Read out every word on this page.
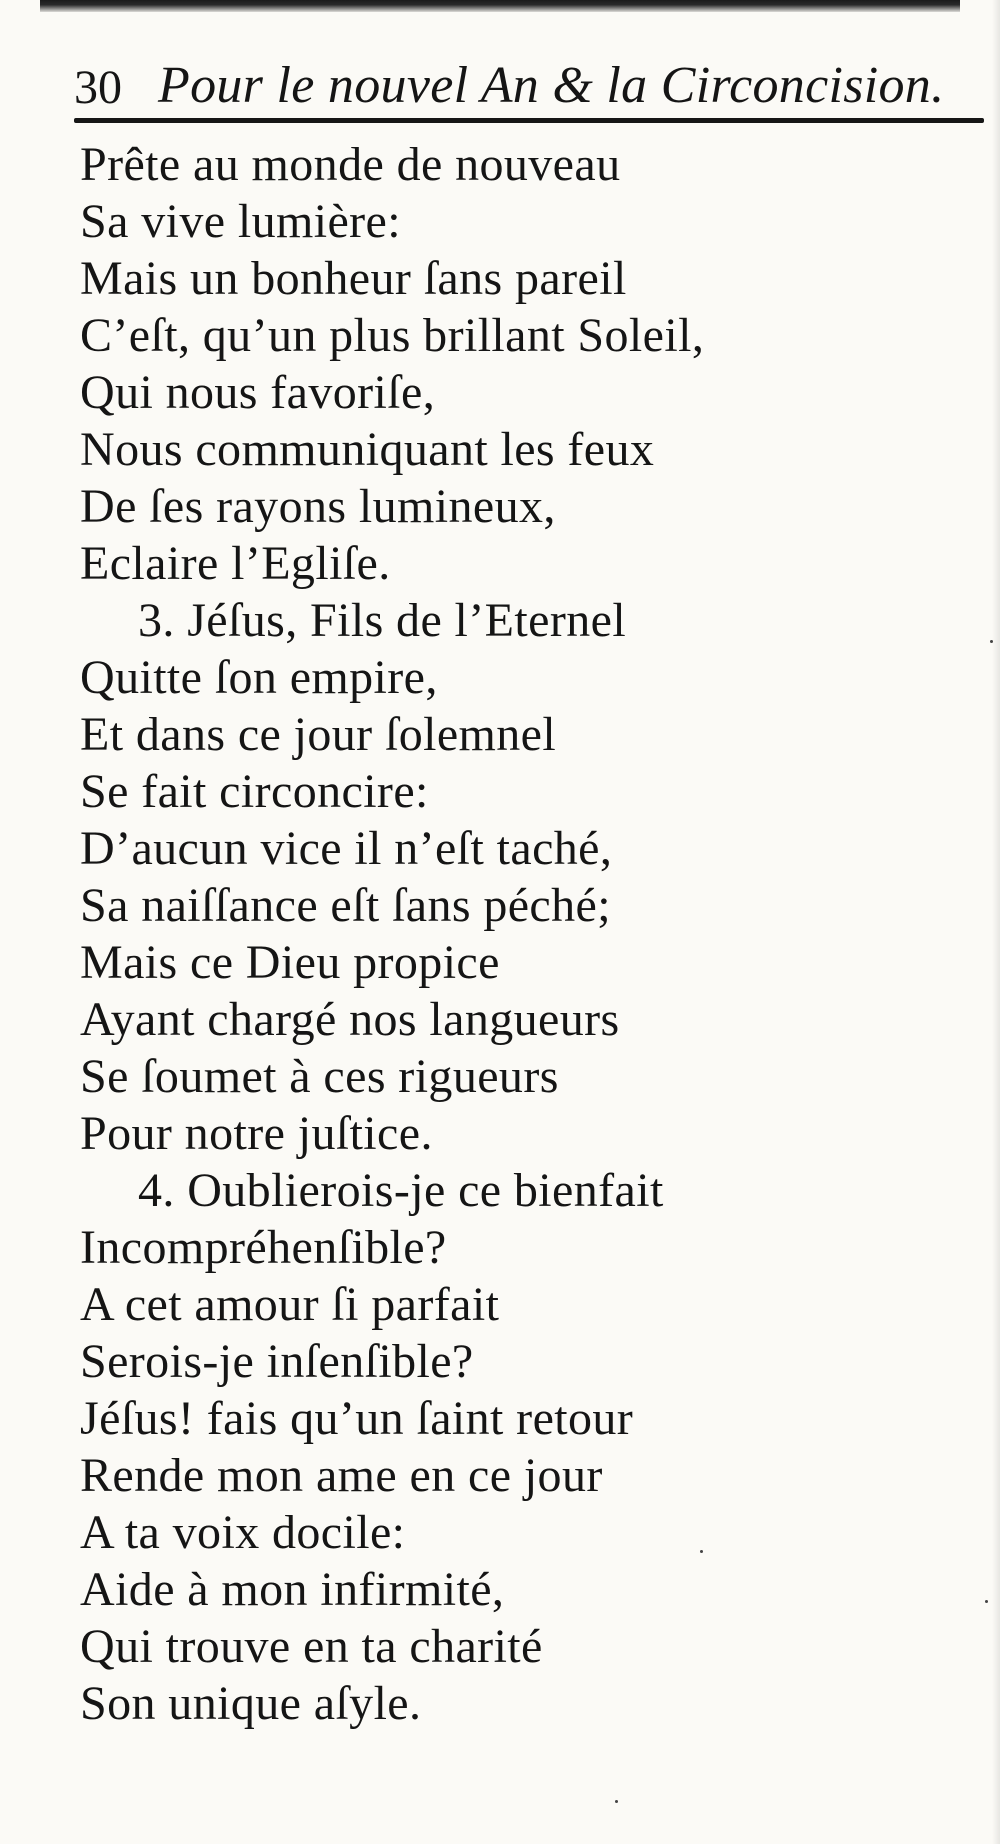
30 Pour le nouvel An & la Circoncision.
Prête au monde de nouveau
Sa vive lumière:
Mais un bonheur ſans pareil
C’eſt, qu’un plus brillant Soleil,
Qui nous favoriſe,
Nous communiquant les feux
De ſes rayons lumineux,
Eclaire l’Egliſe.
3. Jéſus, Fils de l’Eternel
Quitte ſon empire,
Et dans ce jour ſolemnel
Se fait circoncire:
D’aucun vice il n’eſt taché,
Sa naiſſance eſt ſans péché;
Mais ce Dieu propice
Ayant chargé nos langueurs
Se ſoumet à ces rigueurs
Pour notre juſtice.
4. Oublierois-je ce bienfait
Incompréhenſible?
A cet amour ſi parfait
Serois-je inſenſible?
Jéſus! fais qu’un ſaint retour
Rende mon ame en ce jour
A ta voix docile:
Aide à mon infirmité,
Qui trouve en ta charité
Son unique aſyle.
